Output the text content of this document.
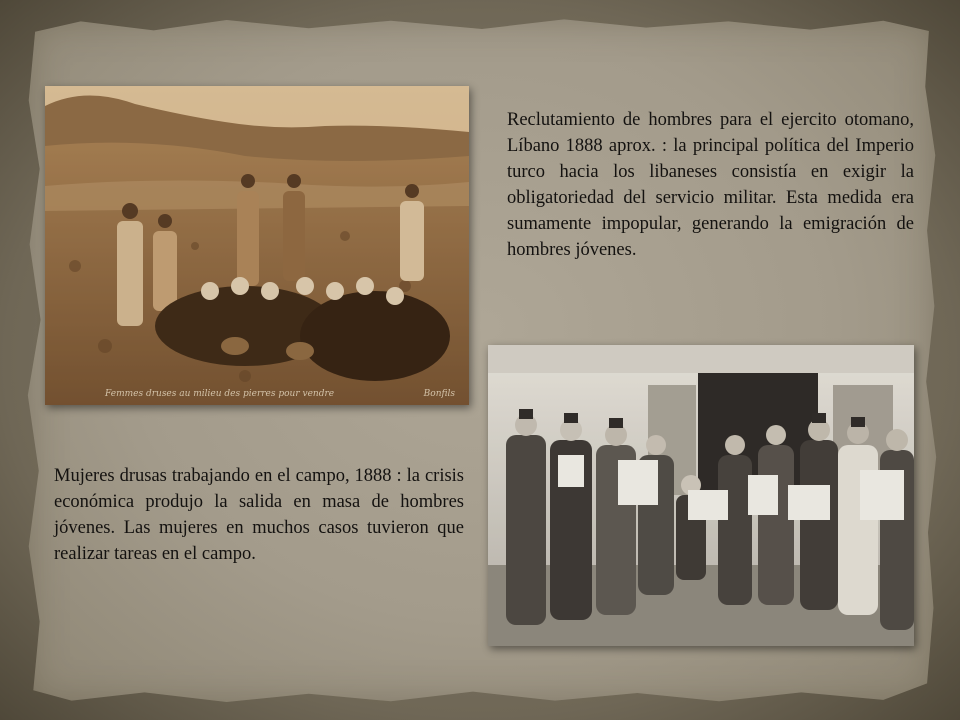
Femmes druses au milieu des pierres pour vendre	Bonfils

Reclutamiento de hombres para el ejercito otomano, Líbano 1888 aprox. : la principal política del Imperio turco hacia los libaneses consistía en exigir la obligatoriedad del servicio militar. Esta medida era sumamente impopular, generando la emigración de hombres jóvenes.

Mujeres drusas trabajando en el campo, 1888 : la crisis económica produjo la salida en masa de hombres jóvenes. Las mujeres en muchos casos tuvieron que realizar tareas en el campo.
